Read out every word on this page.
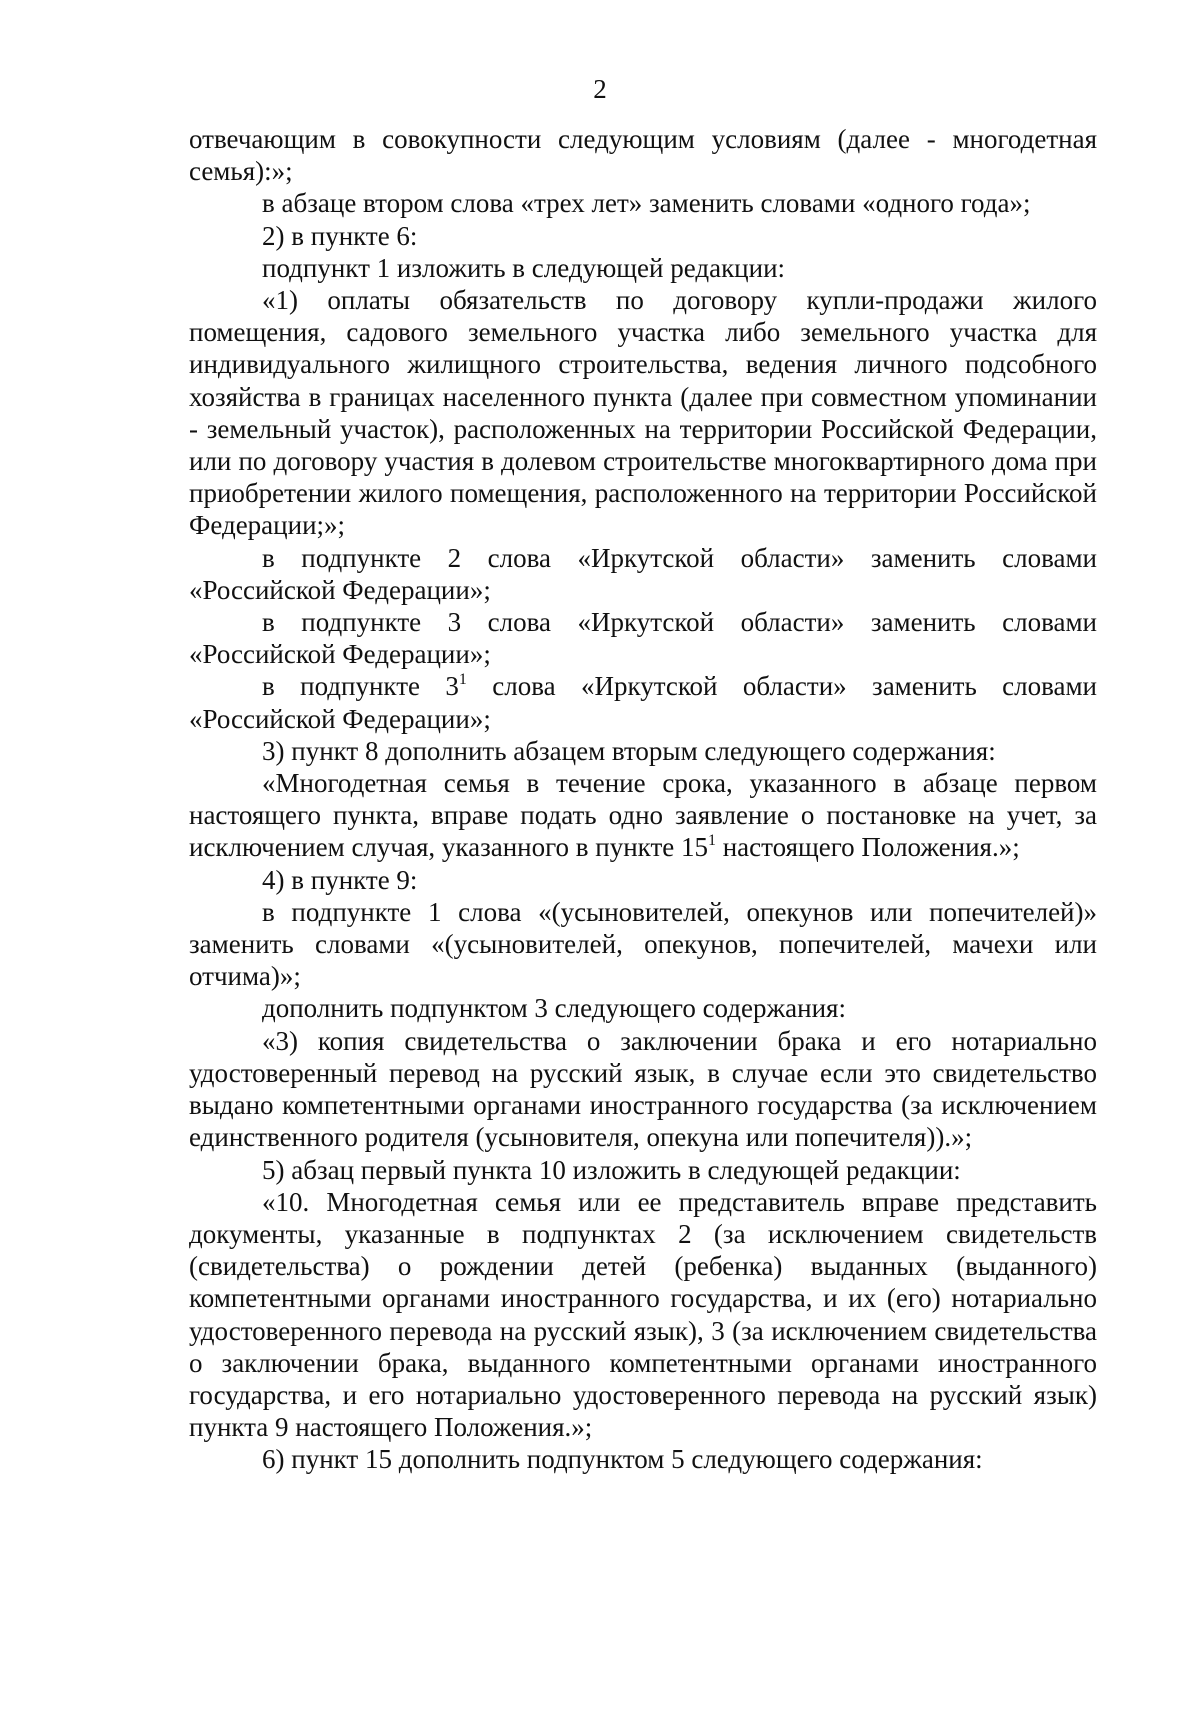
2

отвечающим в совокупности следующим условиям (далее - многодетная семья):»;

в абзаце втором слова «трех лет» заменить словами «одного года»;

2) в пункте 6:

подпункт 1 изложить в следующей редакции:

«1) оплаты обязательств по договору купли-продажи жилого помещения, садового земельного участка либо земельного участка для индивидуального жилищного строительства, ведения личного подсобного хозяйства в границах населенного пункта (далее при совместном упоминании - земельный участок), расположенных на территории Российской Федерации, или по договору участия в долевом строительстве многоквартирного дома при приобретении жилого помещения, расположенного на территории Российской Федерации;»;

в подпункте 2 слова «Иркутской области» заменить словами «Российской Федерации»;

в подпункте 3 слова «Иркутской области» заменить словами «Российской Федерации»;

в подпункте $3^1$ слова «Иркутской области» заменить словами «Российской Федерации»;

3) пункт 8 дополнить абзацем вторым следующего содержания:

«Многодетная семья в течение срока, указанного в абзаце первом настоящего пункта, вправе подать одно заявление о постановке на учет, за исключением случая, указанного в пункте $15^1$ настоящего Положения.»;

4) в пункте 9:

в подпункте 1 слова «(усыновителей, опекунов или попечителей)» заменить словами «(усыновителей, опекунов, попечителей, мачехи или отчима)»;

дополнить подпунктом 3 следующего содержания:

«3) копия свидетельства о заключении брака и его нотариально удостоверенный перевод на русский язык, в случае если это свидетельство выдано компетентными органами иностранного государства (за исключением единственного родителя (усыновителя, опекуна или попечителя)).»;

5) абзац первый пункта 10 изложить в следующей редакции:

«10. Многодетная семья или ее представитель вправе представить документы, указанные в подпунктах 2 (за исключением свидетельств (свидетельства) о рождении детей (ребенка) выданных (выданного) компетентными органами иностранного государства, и их (его) нотариально удостоверенного перевода на русский язык), 3 (за исключением свидетельства о заключении брака, выданного компетентными органами иностранного государства, и его нотариально удостоверенного перевода на русский язык) пункта 9 настоящего Положения.»;

6) пункт 15 дополнить подпунктом 5 следующего содержания:
